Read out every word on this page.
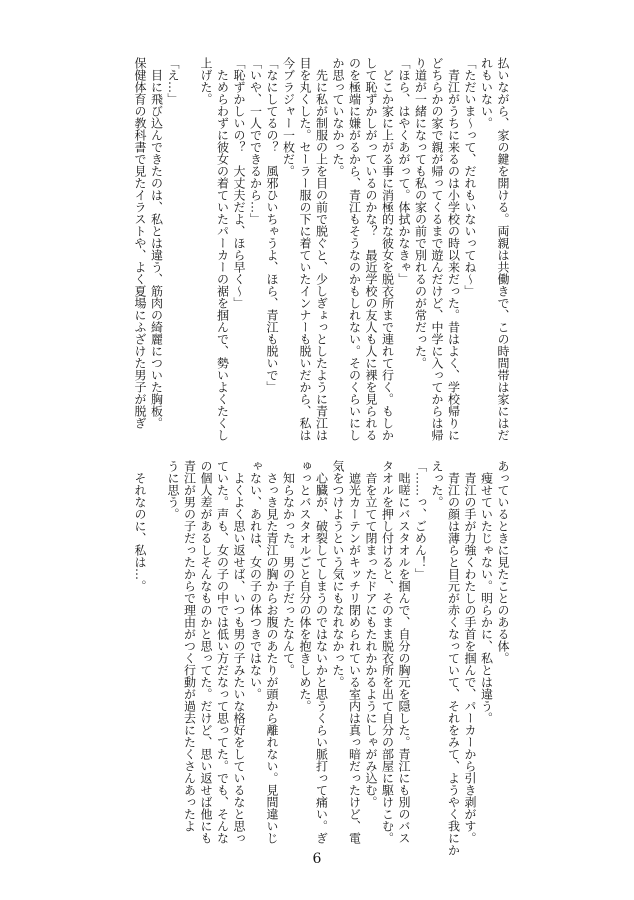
払いながら、家の鍵を開ける。両親は共働きで、この時間帯は家にはだ
れもいない。
「ただいま〜って、だれもいないってね〜」
青江がうちに来るのは小学校の時以来だった。昔はよく、学校帰りに
どちらかの家で親が帰ってくるまで遊んだけど、中学に入ってからは帰
り道が一緒になっても私の家の前で別れるのが常だった。
「ほら、はやくあがって。体拭かなきゃ」
どこか家に上がる事に消極的な彼女を脱衣所まで連れて行く。もしか
して恥ずかしがっているのかな？　最近学校の友人も人に裸を見られる
のを極端に嫌がるから、青江もそうなのかもしれない。そのくらいにし
か思っていなかった。
先に私が制服の上を目の前で脱ぐと、少しぎょっとしたように青江は
目を丸くした。セーラー服の下に着ていたインナーも脱いだから、私は
今ブラジャー一枚だ。
「なにしてるの？　風邪ひいちゃうよ、ほら、青江も脱いで」
「いや、一人でできるから…」
「恥ずかしいの？　大丈夫だよ、ほら早く〜」
ためらわずに彼女の着ていたパーカーの裾を掴んで、勢いよくたくし
上げた。
「え…」
目に飛び込んできたのは、私とは違う、筋肉の綺麗についた胸板。
保健体育の教科書で見たイラストや、よく夏場にふざけた男子が脱ぎ
あっているときに見たことのある体。
痩せていたじゃない。明らかに、私とは違う。
青江の手が力強くわたしの手首を掴んで、パーカーから引き剥がす。
青江の顔は薄らと目元が赤くなっていて、それをみて、ようやく我にか
えった。
「……っ、ごめん！」
咄嗟にバスタオルを掴んで、自分の胸元を隠した。青江にも別のバス
タオルを押し付けると、そのまま脱衣所を出て自分の部屋に駆けこむ。
音を立てて閉まったドアにもたれかかるようにしゃがみ込む。
遮光カーテンがキッチリ閉められている室内は真っ暗だったけど、電
気をつけようという気にもなれなかった。
心臓が、破裂してしまうのではないかと思うくらい脈打って痛い。ぎ
ゅっとバスタオルごと自分の体を抱きしめた。
知らなかった。男の子だったなんて。
さっき見た青江の胸からお腹のあたりが頭から離れない。見間違いじ
ゃない、あれは、女の子の体つきではない。
よくよく思い返せば、いつも男の子みたいな格好をしているなと思っ
ていた。声も、女の子の中では低い方だなって思ってた。でも、そんな
の個人差があるしそんなものかと思ってた。だけど、思い返せば他にも
青江が男の子だったからで理由がつく行動が過去にたくさんあったよ
うに思う。
それなのに、私は…。
6
